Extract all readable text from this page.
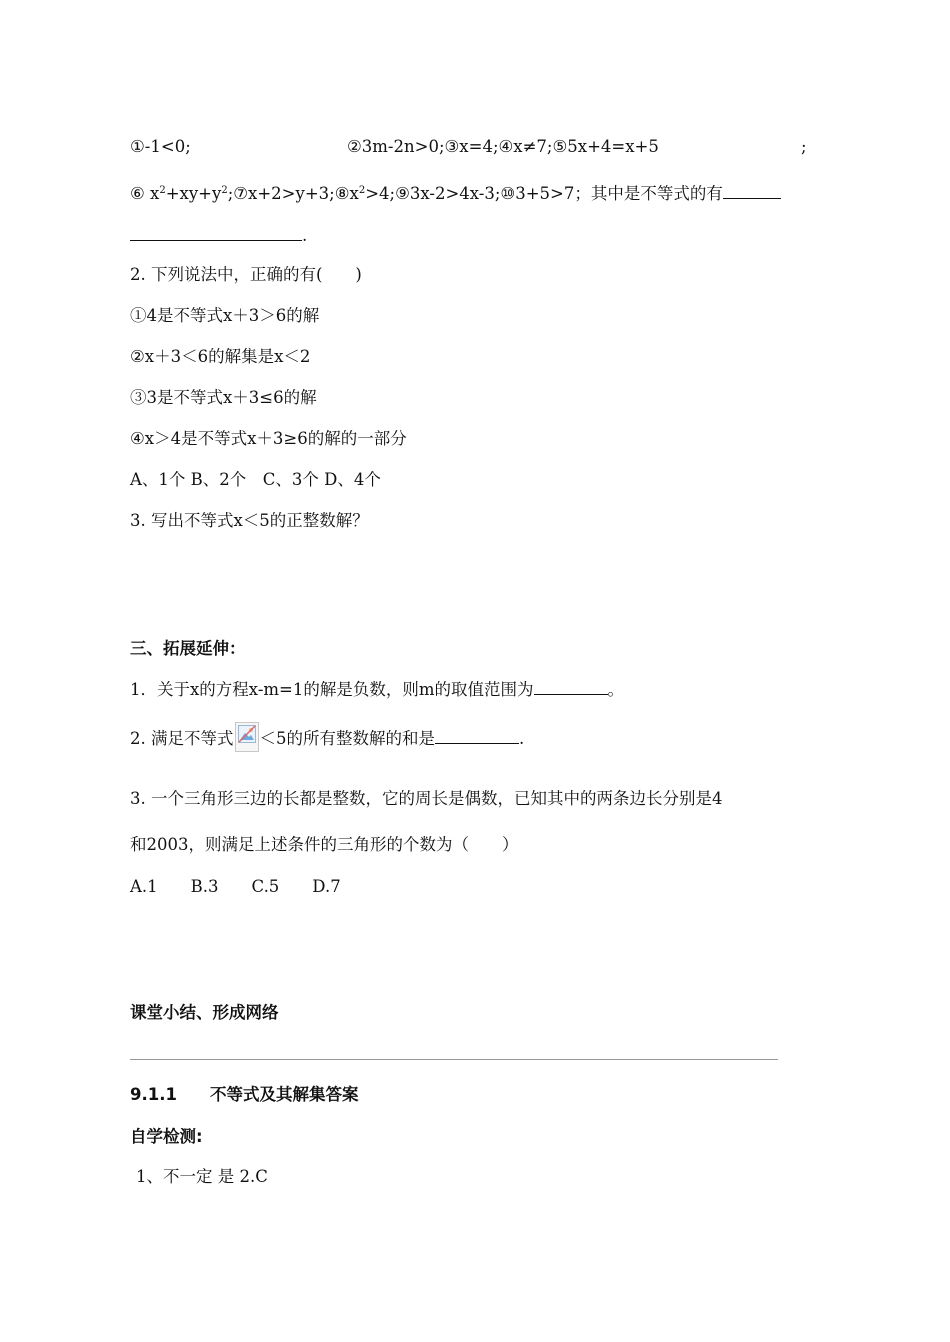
①-1<0;	②3m-2n>0;③x=4;④x≠7;⑤5x+4=x+5	;
⑥ $x^2+xy+y^2;⑦x+2>y+3;⑧x^2>4;⑨3x-2>4x-3;⑩3+5>7$；其中是不等式的有
.
2. 下列说法中，正确的有(　　)
①4是不等式x＋3＞6的解
②x＋3＜6的解集是x＜2
③3是不等式x＋3≤6的解
④x＞4是不等式x＋3≥6的解的一部分
A、1个 B、2个　C、3个 D、4个
3. 写出不等式x＜5的正整数解？
三、拓展延伸：
1．关于x的方程x-m=1的解是负数，则m的取值范围为	。
2. 满足不等式 ＜5的所有整数解的和是	.
3. 一个三角形三边的长都是整数，它的周长是偶数，已知其中的两条边长分别是4
和2003，则满足上述条件的三角形的个数为（　　）
A.1　　B.3　　C.5　　D.7
课堂小结、形成网络
9.1.1　　不等式及其解集答案
自学检测:
1、不一定 是 2.C
